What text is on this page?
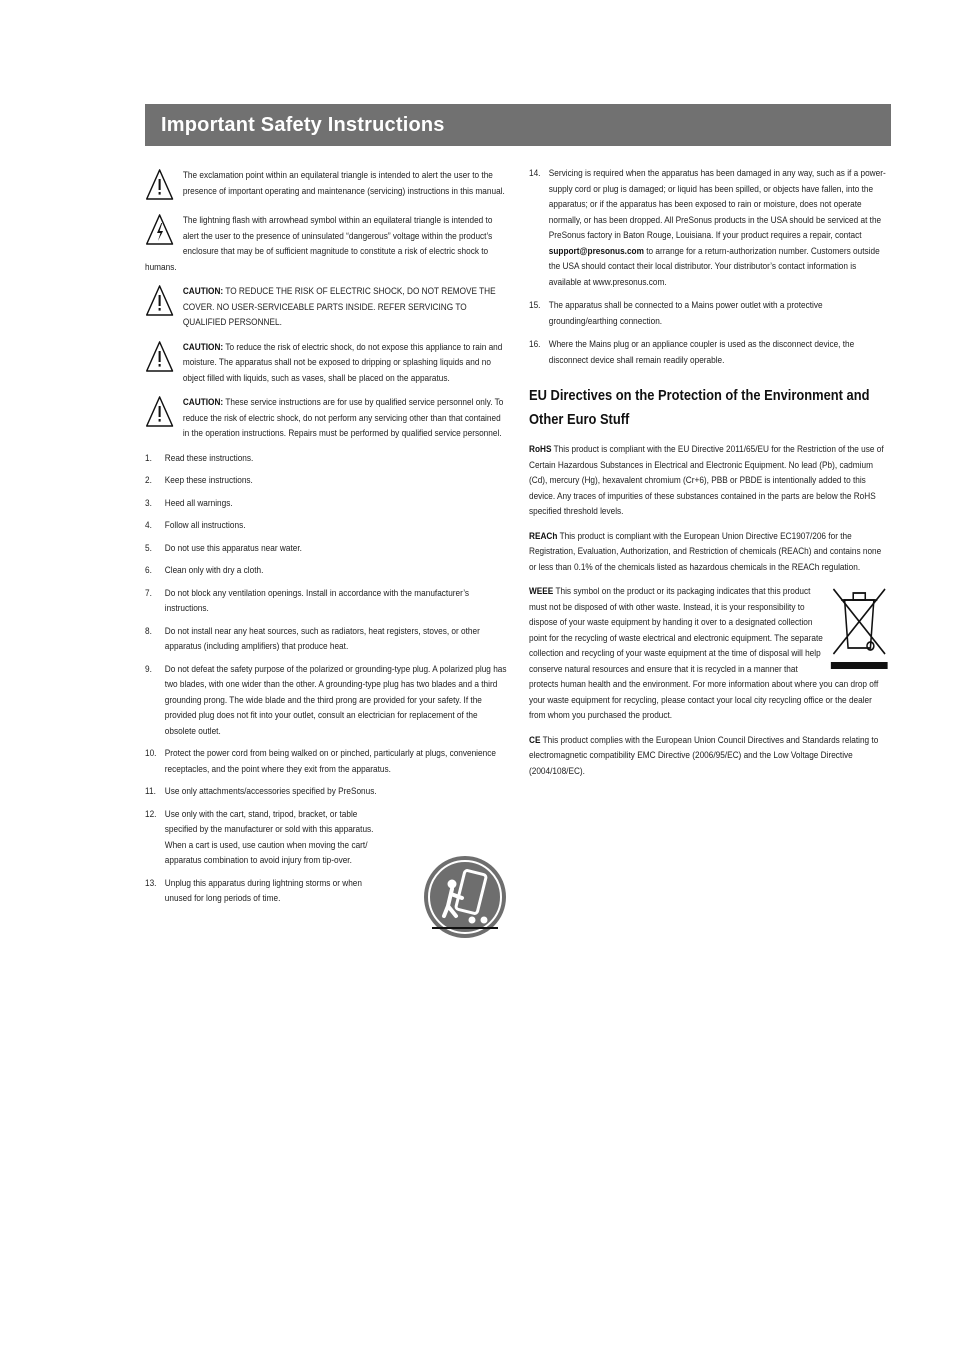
Important Safety Instructions

The exclamation point within an equilateral triangle is intended to alert the user to the presence of important operating and maintenance (servicing) instructions in this manual.

The lightning flash with arrowhead symbol within an equilateral triangle is intended to alert the user to the presence of uninsulated “dangerous” voltage within the product’s enclosure that may be of sufficient magnitude to constitute a risk of electric shock to humans.

CAUTION: TO REDUCE THE RISK OF ELECTRIC SHOCK, DO NOT REMOVE THE COVER. NO USER-SERVICEABLE PARTS INSIDE. REFER SERVICING TO QUALIFIED PERSONNEL.

CAUTION: To reduce the risk of electric shock, do not expose this appliance to rain and moisture. The apparatus shall not be exposed to dripping or splashing liquids and no object filled with liquids, such as vases, shall be placed on the apparatus.

CAUTION: These service instructions are for use by qualified service personnel only. To reduce the risk of electric shock, do not perform any servicing other than that contained in the operation instructions. Repairs must be performed by qualified service personnel.

1. Read these instructions.
2. Keep these instructions.
3. Heed all warnings.
4. Follow all instructions.
5. Do not use this apparatus near water.
6. Clean only with dry a cloth.
7. Do not block any ventilation openings. Install in accordance with the manufacturer’s instructions.
8. Do not install near any heat sources, such as radiators, heat registers, stoves, or other apparatus (including amplifiers) that produce heat.
9. Do not defeat the safety purpose of the polarized or grounding-type plug. A polarized plug has two blades, with one wider than the other. A grounding-type plug has two blades and a third grounding prong. The wide blade and the third prong are provided for your safety. If the provided plug does not fit into your outlet, consult an electrician for replacement of the obsolete outlet.
10. Protect the power cord from being walked on or pinched, particularly at plugs, convenience receptacles, and the point where they exit from the apparatus.
11. Use only attachments/accessories specified by PreSonus.
12. Use only with the cart, stand, tripod, bracket, or table specified by the manufacturer or sold with this apparatus. When a cart is used, use caution when moving the cart/ apparatus combination to avoid injury from tip-over.
13. Unplug this apparatus during lightning storms or when unused for long periods of time.
14. Servicing is required when the apparatus has been damaged in any way, such as if a power-supply cord or plug is damaged; or liquid has been spilled, or objects have fallen, into the apparatus; or if the apparatus has been exposed to rain or moisture, does not operate normally, or has been dropped. All PreSonus products in the USA should be serviced at the PreSonus factory in Baton Rouge, Louisiana. If your product requires a repair, contact support@presonus.com to arrange for a return-authorization number. Customers outside the USA should contact their local distributor. Your distributor’s contact information is available at www.presonus.com.
15. The apparatus shall be connected to a Mains power outlet with a protective grounding/earthing connection.
16. Where the Mains plug or an appliance coupler is used as the disconnect device, the disconnect device shall remain readily operable.
EU Directives on the Protection of the Environment and Other Euro Stuff

RoHS This product is compliant with the EU Directive 2011/65/EU for the Restriction of the use of Certain Hazardous Substances in Electrical and Electronic Equipment. No lead (Pb), cadmium (Cd), mercury (Hg), hexavalent chromium (Cr+6), PBB or PBDE is intentionally added to this device. Any traces of impurities of these substances contained in the parts are below the RoHS specified threshold levels.

REACh This product is compliant with the European Union Directive EC1907/206 for the Registration, Evaluation, Authorization, and Restriction of chemicals (REACh) and contains none or less than 0.1% of the chemicals listed as hazardous chemicals in the REACh regulation.

WEEE This symbol on the product or its packaging indicates that this product must not be disposed of with other waste. Instead, it is your responsibility to dispose of your waste equipment by handing it over to a designated collection point for the recycling of waste electrical and electronic equipment. The separate collection and recycling of your waste equipment at the time of disposal will help conserve natural resources and ensure that it is recycled in a manner that protects human health and the environment. For more information about where you can drop off your waste equipment for recycling, please contact your local city recycling office or the dealer from whom you purchased the product.

CE This product complies with the European Union Council Directives and Standards relating to electromagnetic compatibility EMC Directive (2006/95/EC) and the Low Voltage Directive (2004/108/EC).
